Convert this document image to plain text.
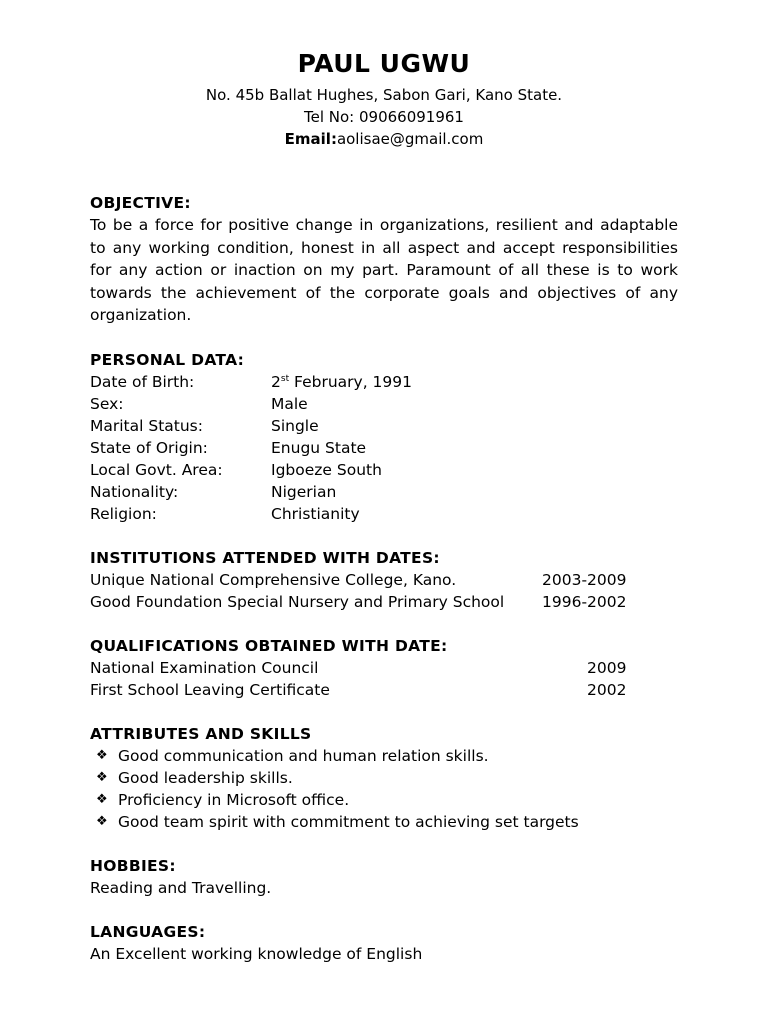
PAUL UGWU
No. 45b Ballat Hughes, Sabon Gari, Kano State.
Tel No: 09066091961
Email:aolisae@gmail.com
OBJECTIVE:
To be a force for positive change in organizations, resilient and adaptable to any working condition, honest in all aspect and accept responsibilities for any action or inaction on my part. Paramount of all these is to work towards the achievement of the corporate goals and objectives of any organization.
PERSONAL DATA:
Date of Birth:	2st February, 1991
Sex:	Male
Marital Status:	Single
State of Origin:	Enugu State
Local Govt. Area:	Igboeze South
Nationality:	Nigerian
Religion:	Christianity
INSTITUTIONS ATTENDED WITH DATES:
Unique National Comprehensive College, Kano.	2003-2009
Good Foundation Special Nursery and Primary School	1996-2002
QUALIFICATIONS OBTAINED WITH DATE:
National Examination Council	2009
First School Leaving Certificate	2002
ATTRIBUTES AND SKILLS
❖ Good communication and human relation skills.
❖ Good leadership skills.
❖ Proficiency in Microsoft office.
❖ Good team spirit with commitment to achieving set targets
HOBBIES:
Reading and Travelling.
LANGUAGES:
An Excellent working knowledge of English
